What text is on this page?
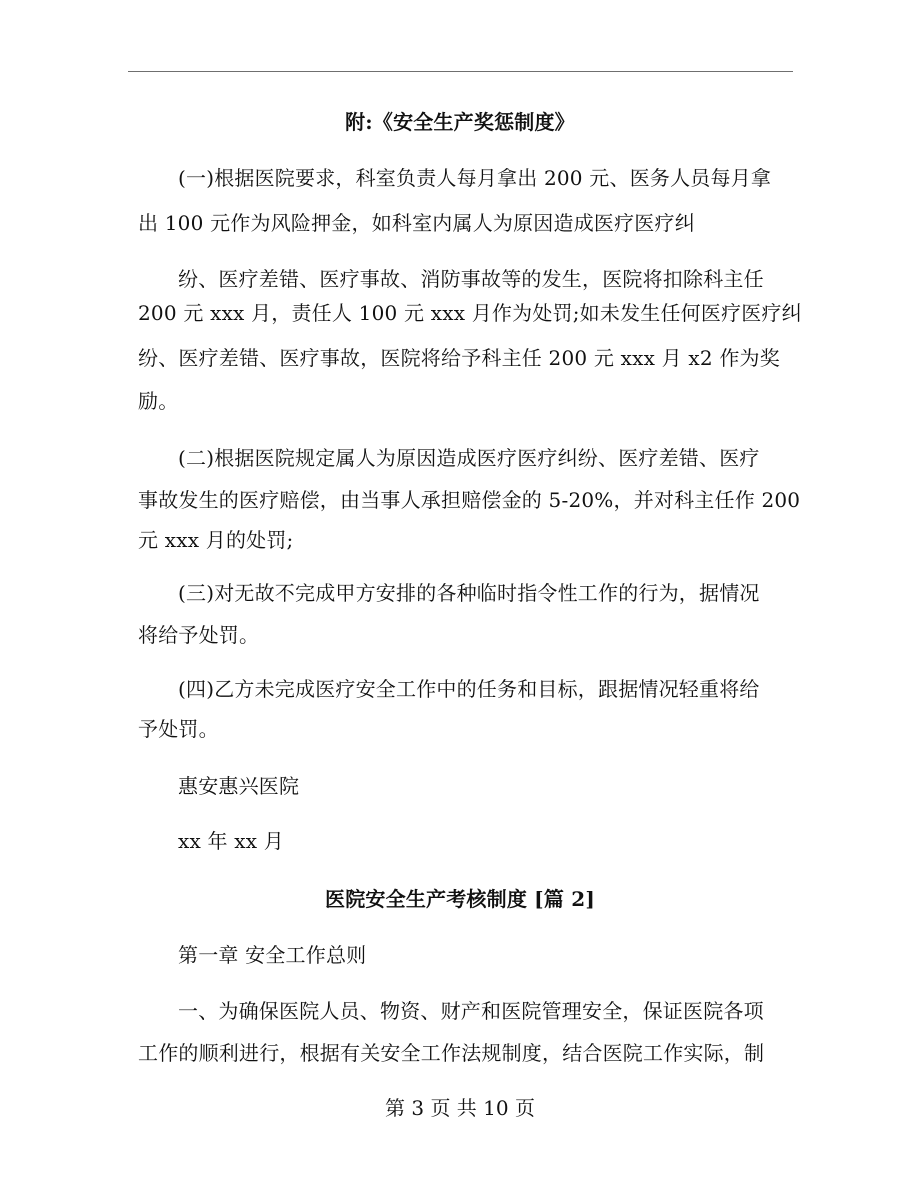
附:《安全生产奖惩制度》
(一)根据医院要求，科室负责人每月拿出 200 元、医务人员每月拿
出 100 元作为风险押金，如科室内属人为原因造成医疗医疗纠
纷、医疗差错、医疗事故、消防事故等的发生，医院将扣除科主任
200 元 xxx 月，责任人 100 元 xxx 月作为处罚;如未发生任何医疗医疗纠
纷、医疗差错、医疗事故，医院将给予科主任 200 元 xxx 月 x2 作为奖
励。
(二)根据医院规定属人为原因造成医疗医疗纠纷、医疗差错、医疗
事故发生的医疗赔偿，由当事人承担赔偿金的 5-20%，并对科主任作 200
元 xxx 月的处罚;
(三)对无故不完成甲方安排的各种临时指令性工作的行为，据情况
将给予处罚。
(四)乙方未完成医疗安全工作中的任务和目标，跟据情况轻重将给
予处罚。
惠安惠兴医院
xx 年 xx 月
医院安全生产考核制度 [篇 2]
第一章 安全工作总则
一、为确保医院人员、物资、财产和医院管理安全，保证医院各项
工作的顺利进行，根据有关安全工作法规制度，结合医院工作实际，制
第 3 页 共 10 页
